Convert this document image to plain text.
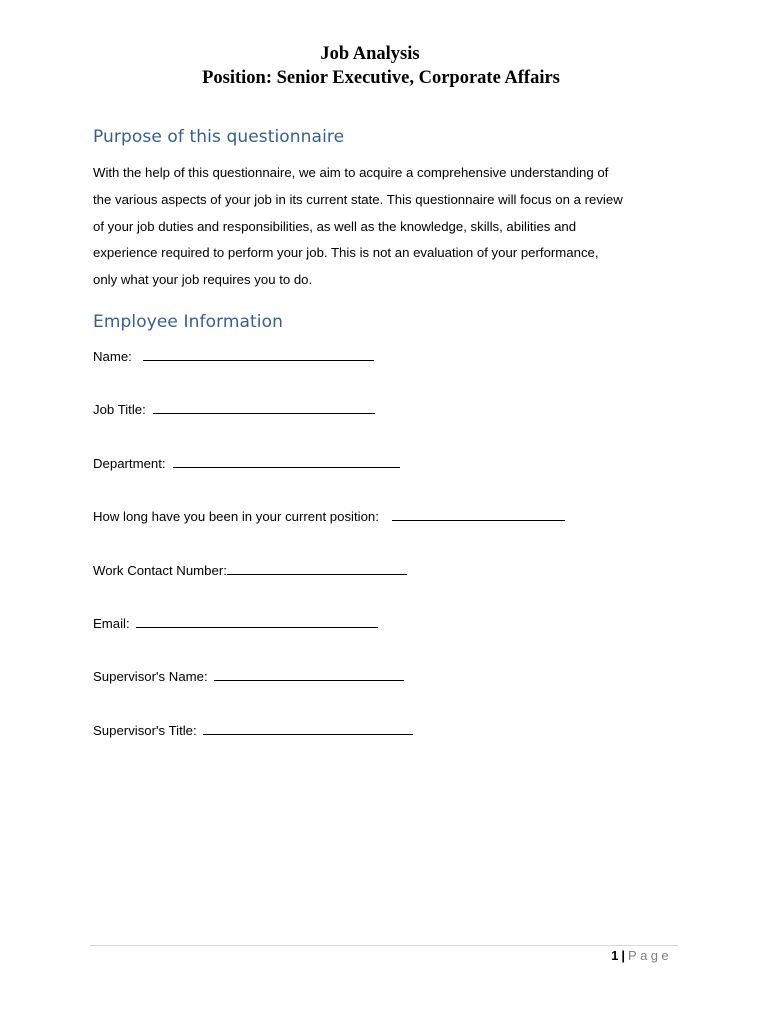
Job Analysis
Position: Senior Executive, Corporate Affairs
Purpose of this questionnaire
With the help of this questionnaire, we aim to acquire a comprehensive understanding of
the various aspects of your job in its current state. This questionnaire will focus on a review
of your job duties and responsibilities, as well as the knowledge, skills, abilities and
experience required to perform your job. This is not an evaluation of your performance,
only what your job requires you to do.
Employee Information
Name:
Job Title:
Department:
How long have you been in your current position:
Work Contact Number:
Email:
Supervisor's Name:
Supervisor's Title:
1 | Page
